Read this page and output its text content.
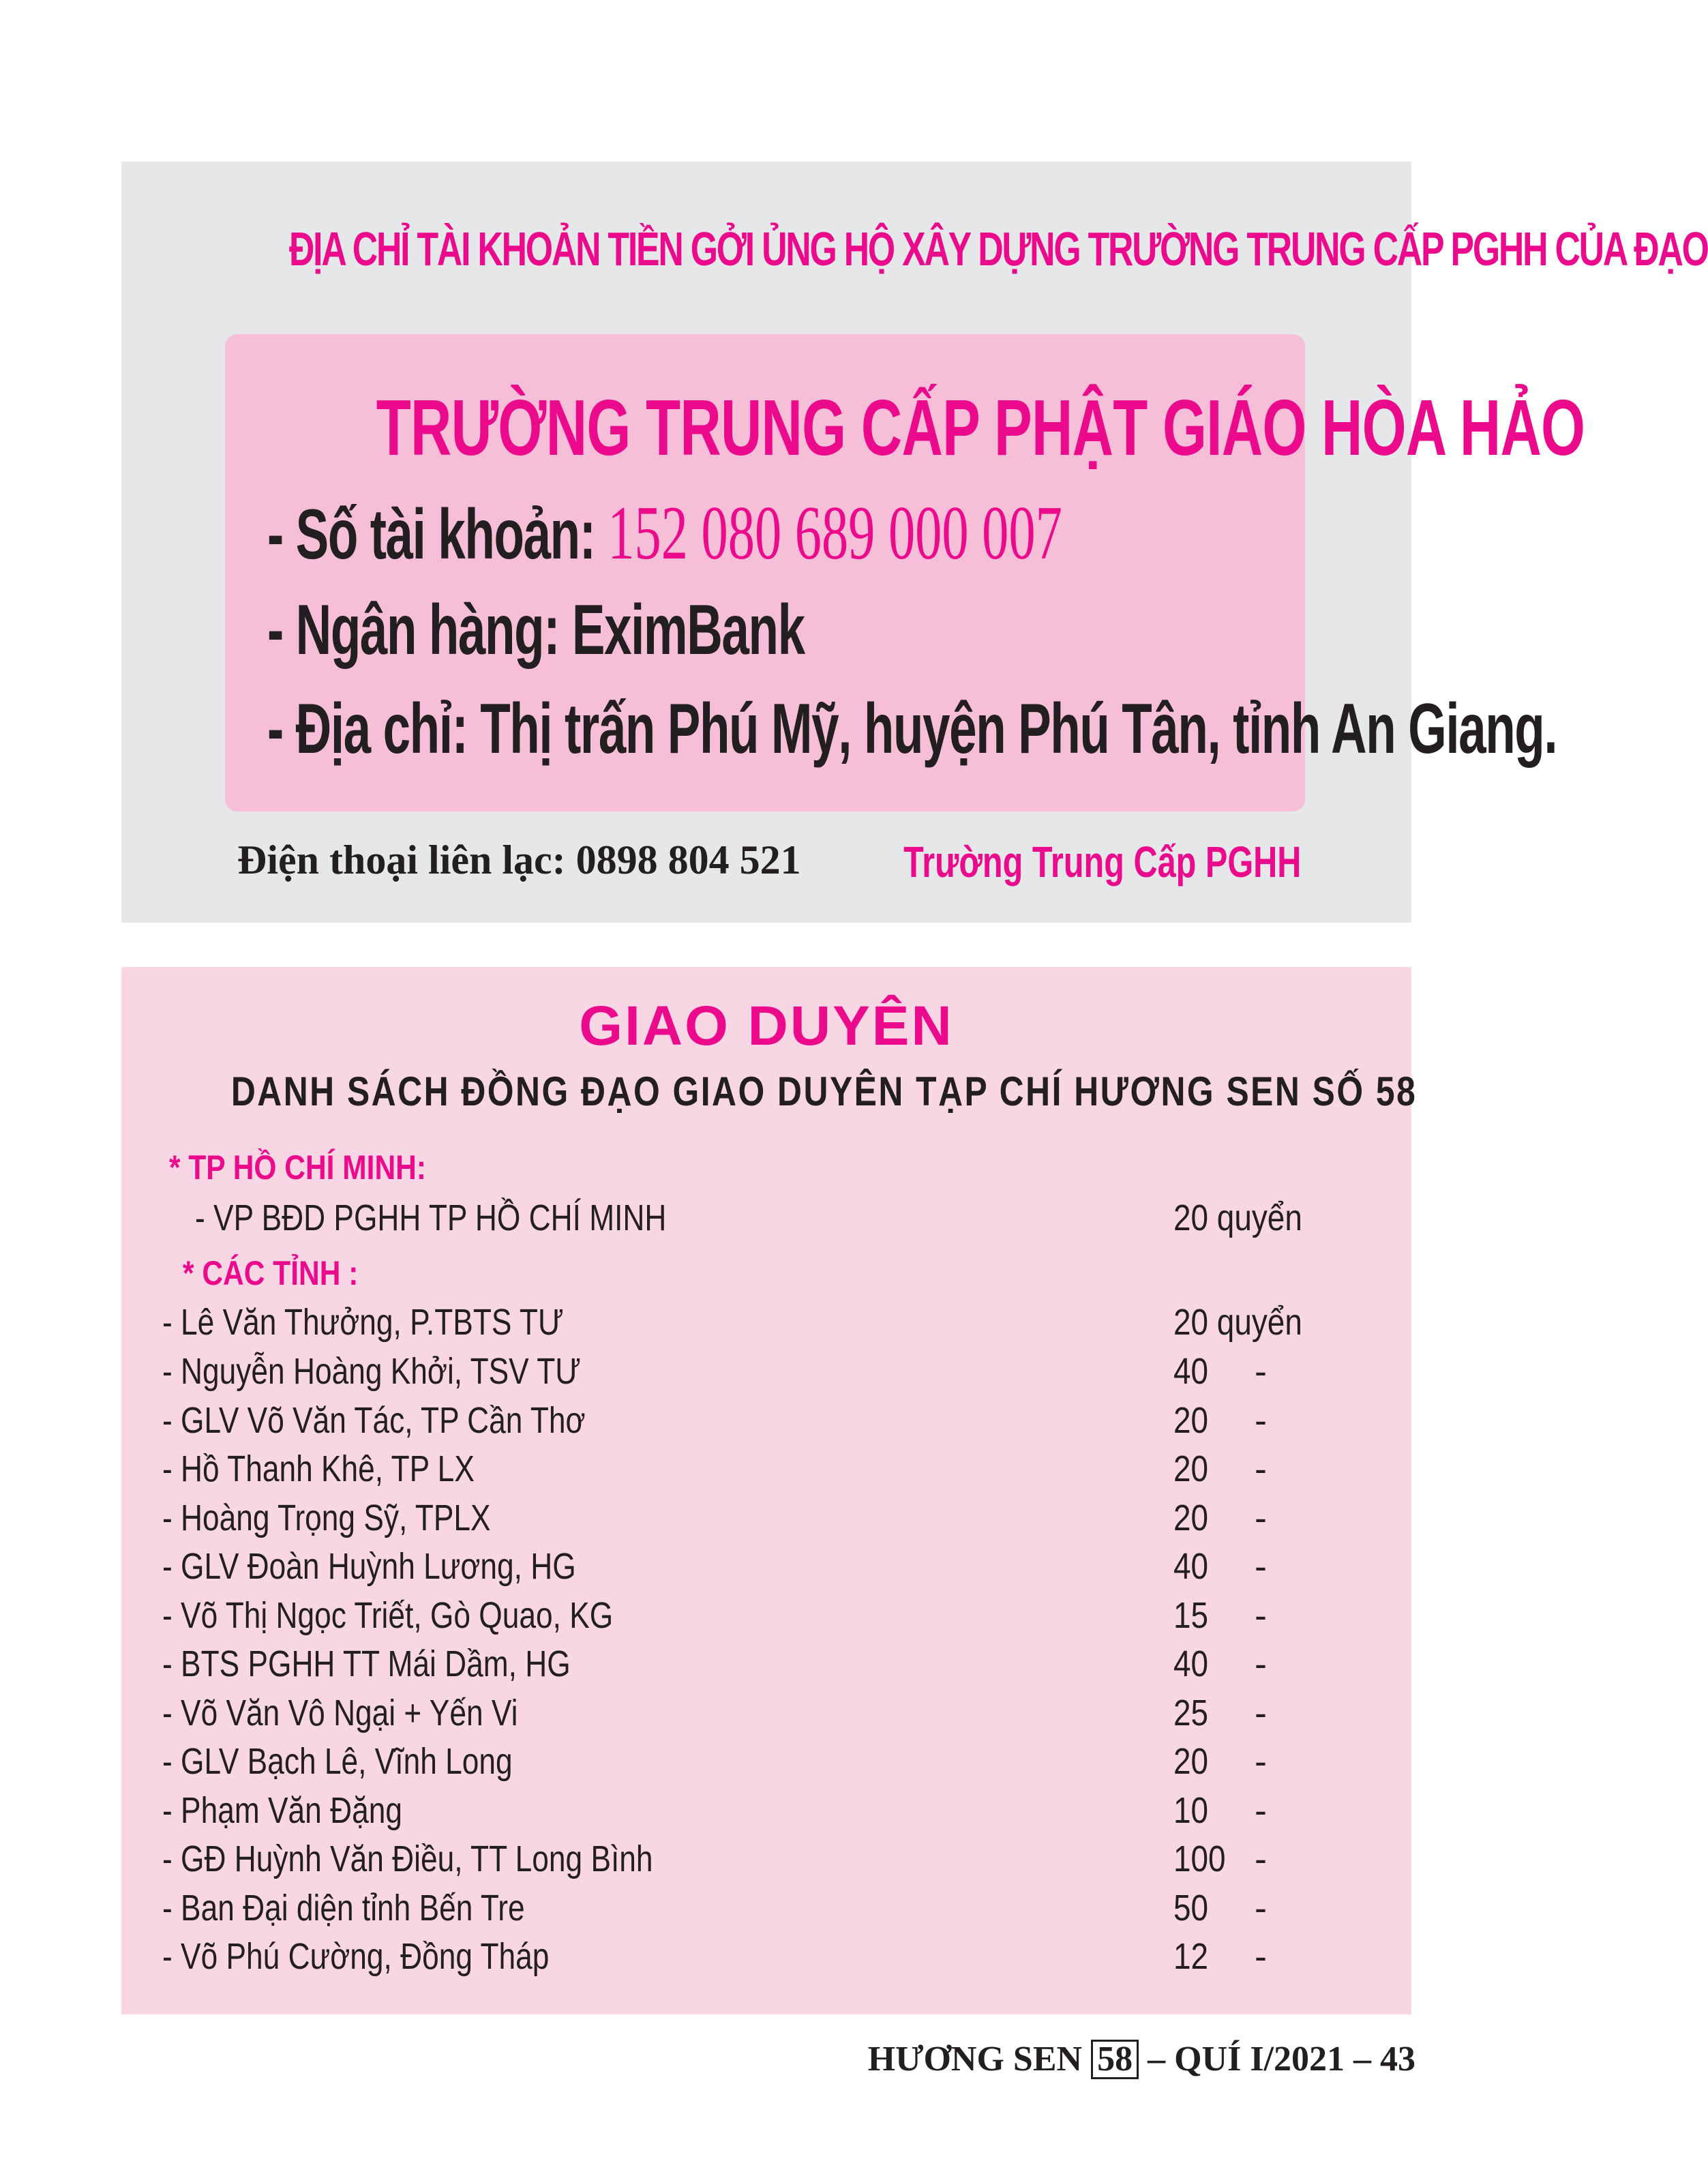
ĐỊA CHỈ TÀI KHOẢN TIỀN GỞI ỦNG HỘ XÂY DỰNG TRƯỜNG TRUNG CẤP PGHH CỦA ĐẠO
TRƯỜNG TRUNG CẤP PHẬT GIÁO HÒA HẢO
- Số tài khoản: 152 080 689 000 007
- Ngân hàng: EximBank
- Địa chỉ: Thị trấn Phú Mỹ, huyện Phú Tân, tỉnh An Giang.
Điện thoại liên lạc: 0898 804 521 Trường Trung Cấp PGHH
GIAO DUYÊN
DANH SÁCH ĐỒNG ĐẠO GIAO DUYÊN TẠP CHÍ HƯƠNG SEN SỐ 58
* TP HỒ CHÍ MINH:
- VP BĐD PGHH TP HỒ CHÍ MINH	20 quyển
* CÁC TỈNH :
- Lê Văn Thưởng, P.TBTS TƯ	20 quyển
- Nguyễn Hoàng Khởi, TSV TƯ	40 -
- GLV Võ Văn Tác, TP Cần Thơ	20 -
- Hồ Thanh Khê, TP LX	20 -
- Hoàng Trọng Sỹ, TPLX	20 -
- GLV Đoàn Huỳnh Lương, HG	40 -
- Võ Thị Ngọc Triết, Gò Quao, KG	15 -
- BTS PGHH TT Mái Dầm, HG	40 -
- Võ Văn Vô Ngại + Yến Vi	25 -
- GLV Bạch Lê, Vĩnh Long	20 -
- Phạm Văn Đặng	10 -
- GĐ Huỳnh Văn Điều, TT Long Bình	100 -
- Ban Đại diện tỉnh Bến Tre	50 -
- Võ Phú Cường, Đồng Tháp	12 -
HƯƠNG SEN 58 – QUÍ I/2021 – 43
